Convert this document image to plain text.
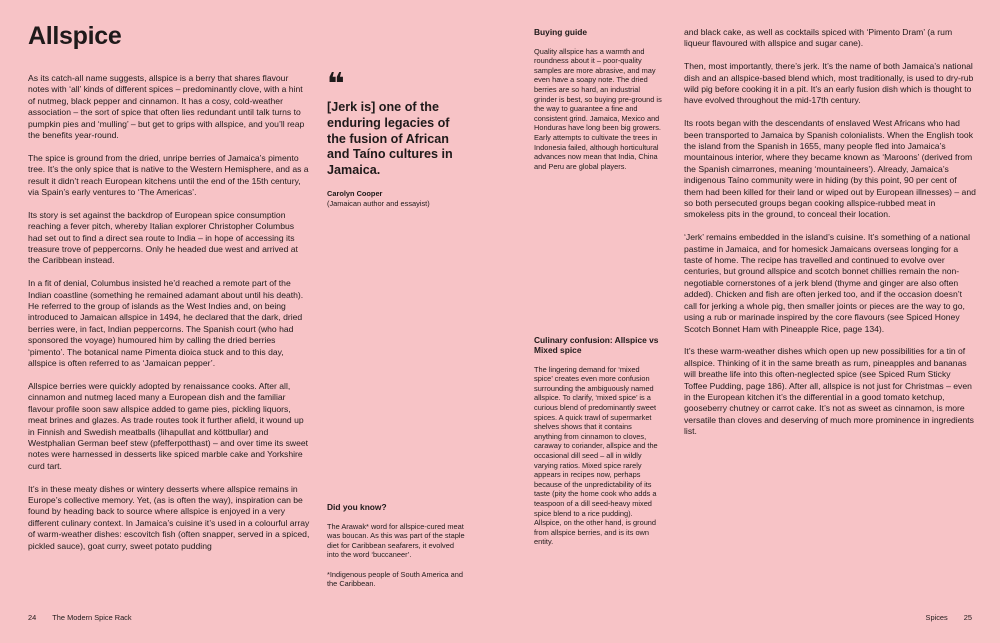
Allspice

As its catch-all name suggests, allspice is a berry that shares flavour notes with ‘all’ kinds of different spices – predominantly clove, with a hint of nutmeg, black pepper and cinnamon. It has a cosy, cold-weather association – the sort of spice that often lies redundant until talk turns to pumpkin pies and ‘mulling’ – but get to grips with allspice, and you’ll reap the benefits year-round.

The spice is ground from the dried, unripe berries of Jamaica’s pimento tree. It’s the only spice that is native to the Western Hemisphere, and as a result it didn’t reach European kitchens until the end of the 15th century, via Spain’s early ventures to ‘The Americas’.

Its story is set against the backdrop of European spice consumption reaching a fever pitch, whereby Italian explorer Christopher Columbus had set out to find a direct sea route to India – in hope of accessing its treasure trove of peppercorns. Only he headed due west and arrived at the Caribbean instead.

In a fit of denial, Columbus insisted he’d reached a remote part of the Indian coastline (something he remained adamant about until his death). He referred to the group of islands as the West Indies and, on being introduced to Jamaican allspice in 1494, he declared that the dark, dried berries were, in fact, Indian peppercorns. The Spanish court (who had sponsored the voyage) humoured him by calling the dried berries ‘pimento’. The botanical name Pimenta dioica stuck and to this day, allspice is often referred to as ‘Jamaican pepper’.

Allspice berries were quickly adopted by renaissance cooks. After all, cinnamon and nutmeg laced many a European dish and the familiar flavour profile soon saw allspice added to game pies, pickling liquors, meat brines and glazes. As trade routes took it further afield, it wound up in Finnish and Swedish meatballs (lihapullat and köttbullar) and Westphalian German beef stew (pfefferpotthast) – and over time its sweet notes were harnessed in desserts like spiced marble cake and Yorkshire curd tart.

It’s in these meaty dishes or wintery desserts where allspice remains in Europe’s collective memory. Yet, (as is often the way), inspiration can be found by heading back to source where allspice is enjoyed in a very different culinary context. In Jamaica’s cuisine it’s used in a colourful array of warm-weather dishes: escovitch fish (often snapper, served in a spiced, pickled sauce), goat curry, sweet potato pudding

❝
[Jerk is] one of the enduring legacies of the fusion of African and Taíno cultures in Jamaica.
Carolyn Cooper
(Jamaican author and essayist)

Did you know?

The Arawak* word for allspice-cured meat was boucan. As this was part of the staple diet for Caribbean seafarers, it evolved into the word ‘buccaneer’.

*Indigenous people of South America and the Caribbean.

Buying guide

Quality allspice has a warmth and roundness about it – poor-quality samples are more abrasive, and may even have a soapy note. The dried berries are so hard, an industrial grinder is best, so buying pre-ground is the way to guarantee a fine and consistent grind. Jamaica, Mexico and Honduras have long been big growers. Early attempts to cultivate the trees in Indonesia failed, although horticultural advances now mean that India, China and Peru are global players.

Culinary confusion: Allspice vs Mixed spice

The lingering demand for ‘mixed spice’ creates even more confusion surrounding the ambiguously named allspice. To clarify, ‘mixed spice’ is a curious blend of predominantly sweet spices. A quick trawl of supermarket shelves shows that it contains anything from cinnamon to cloves, caraway to coriander, allspice and the occasional dill seed – all in wildly varying ratios. Mixed spice rarely appears in recipes now, perhaps because of the unpredictability of its taste (pity the home cook who adds a teaspoon of a dill seed-heavy mixed spice blend to a rice pudding). Allspice, on the other hand, is ground from allspice berries, and is its own entity.

and black cake, as well as cocktails spiced with ‘Pimento Dram’ (a rum liqueur flavoured with allspice and sugar cane).

Then, most importantly, there’s jerk. It’s the name of both Jamaica’s national dish and an allspice-based blend which, most traditionally, is used to dry-rub wild pig before cooking it in a pit. It’s an early fusion dish which is thought to have evolved throughout the mid-17th century.

Its roots began with the descendants of enslaved West Africans who had been transported to Jamaica by Spanish colonialists. When the English took the island from the Spanish in 1655, many people fled into Jamaica’s mountainous interior, where they became known as ‘Maroons’ (derived from the Spanish cimarrones, meaning ‘mountaineers’). Already, Jamaica’s indigenous Taíno community were in hiding (by this point, 90 per cent of them had been killed for their land or wiped out by European illnesses) – and so both persecuted groups began cooking allspice-rubbed meat in smokeless pits in the ground, to conceal their location.

‘Jerk’ remains embedded in the island’s cuisine. It’s something of a national pastime in Jamaica, and for homesick Jamaicans overseas longing for a taste of home. The recipe has travelled and continued to evolve over centuries, but ground allspice and scotch bonnet chillies remain the non-negotiable cornerstones of a jerk blend (thyme and ginger are also often added). Chicken and fish are often jerked too, and if the occasion doesn’t call for jerking a whole pig, then smaller joints or pieces are the way to go, using a rub or marinade inspired by the core flavours (see Spiced Honey Scotch Bonnet Ham with Pineapple Rice, page 134).

It’s these warm-weather dishes which open up new possibilities for a tin of allspice. Thinking of it in the same breath as rum, pineapples and bananas will breathe life into this often-neglected spice (see Spiced Rum Sticky Toffee Pudding, page 186). After all, allspice is not just for Christmas – even in the European kitchen it’s the differential in a good tomato ketchup, gooseberry chutney or carrot cake. It’s not as sweet as cinnamon, is more versatile than cloves and deserving of much more prominence in ingredients list.

24 The Modern Spice Rack	Spices 25
